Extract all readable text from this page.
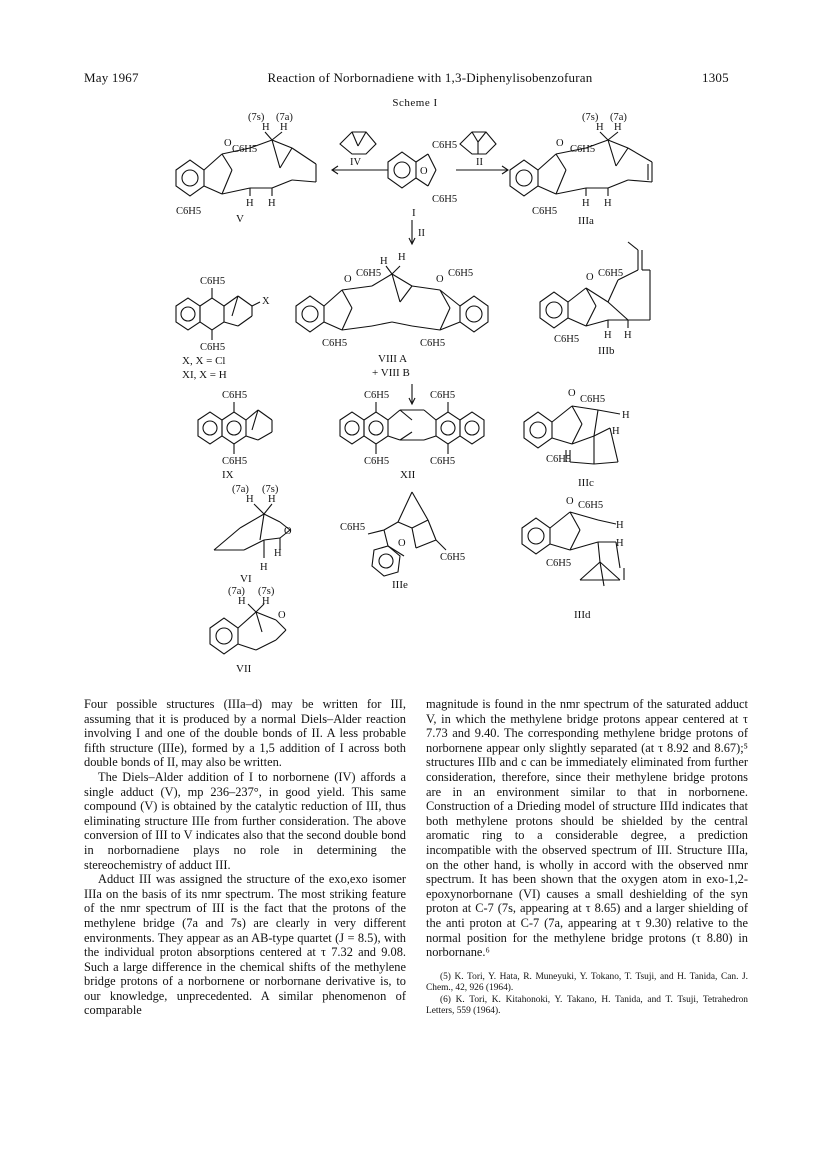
May 1967	Reaction of Norbornadiene with 1,3-Diphenylisobenzofuran	1305
Scheme I
O
C6H5
C6H5
H H
H H
(7s) (7a)
V
IV
O
C6H5
C6H5
I
II
II
O
C6H5
C6H5
H H
H H
(7s) (7a)
IIIa
X
C6H5
C6H5
X, X = Cl
XI, X = H
O
C6H5
O
C6H5
C6H5	C6H5
H H
VIII A
+ VIII B
O C6H5
C6H5 H H
IIIb
C6H5
C6H5
IX
C6H5	C6H5
C6H5	C6H5
XII
O
C6H5
C6H5
H
H
IIIc
O
H H
(7a) (7s)
H
H
VI
O
C6H5
C6H5
IIIe
O C6H5
C6H5
H
H
IIId
O
H H
(7a) (7s)
VII

Four possible structures (IIIa–d) may be written for III, assuming that it is produced by a normal Diels–Alder reaction involving I and one of the double bonds of II. A less probable fifth structure (IIIe), formed by a 1,5 addition of I across both double bonds of II, may also be written.

The Diels–Alder addition of I to norbornene (IV) affords a single adduct (V), mp 236–237°, in good yield. This same compound (V) is obtained by the catalytic reduction of III, thus eliminating structure IIIe from further consideration. The above conversion of III to V indicates also that the second double bond in norbornadiene plays no role in determining the stereochemistry of adduct III.

Adduct III was assigned the structure of the exo,exo isomer IIIa on the basis of its nmr spectrum. The most striking feature of the nmr spectrum of III is the fact that the protons of the methylene bridge (7a and 7s) are clearly in very different environments. They appear as an AB-type quartet (J = 8.5), with the individual proton absorptions centered at τ 7.32 and 9.08. Such a large difference in the chemical shifts of the methylene bridge protons of a norbornene or norbornane derivative is, to our knowledge, unprecedented. A similar phenomenon of comparable

magnitude is found in the nmr spectrum of the saturated adduct V, in which the methylene bridge protons appear centered at τ 7.73 and 9.40. The corresponding methylene bridge protons of norbornene appear only slightly separated (at τ 8.92 and 8.67);⁵ structures IIIb and c can be immediately eliminated from further consideration, therefore, since their methylene bridge protons are in an environment similar to that in norbornene. Construction of a Drieding model of structure IIId indicates that both methylene protons should be shielded by the central aromatic ring to a considerable degree, a prediction incompatible with the observed spectrum of III. Structure IIIa, on the other hand, is wholly in accord with the observed nmr spectrum. It has been shown that the oxygen atom in exo-1,2-epoxynorbornane (VI) causes a small deshielding of the syn proton at C-7 (7s, appearing at τ 8.65) and a larger shielding of the anti proton at C-7 (7a, appearing at τ 9.30) relative to the normal position for the methylene bridge protons (τ 8.80) in norbornane.⁶

(5) K. Tori, Y. Hata, R. Muneyuki, Y. Tokano, T. Tsuji, and H. Tanida, Can. J. Chem., 42, 926 (1964).

(6) K. Tori, K. Kitahonoki, Y. Takano, H. Tanida, and T. Tsuji, Tetrahedron Letters, 559 (1964).
